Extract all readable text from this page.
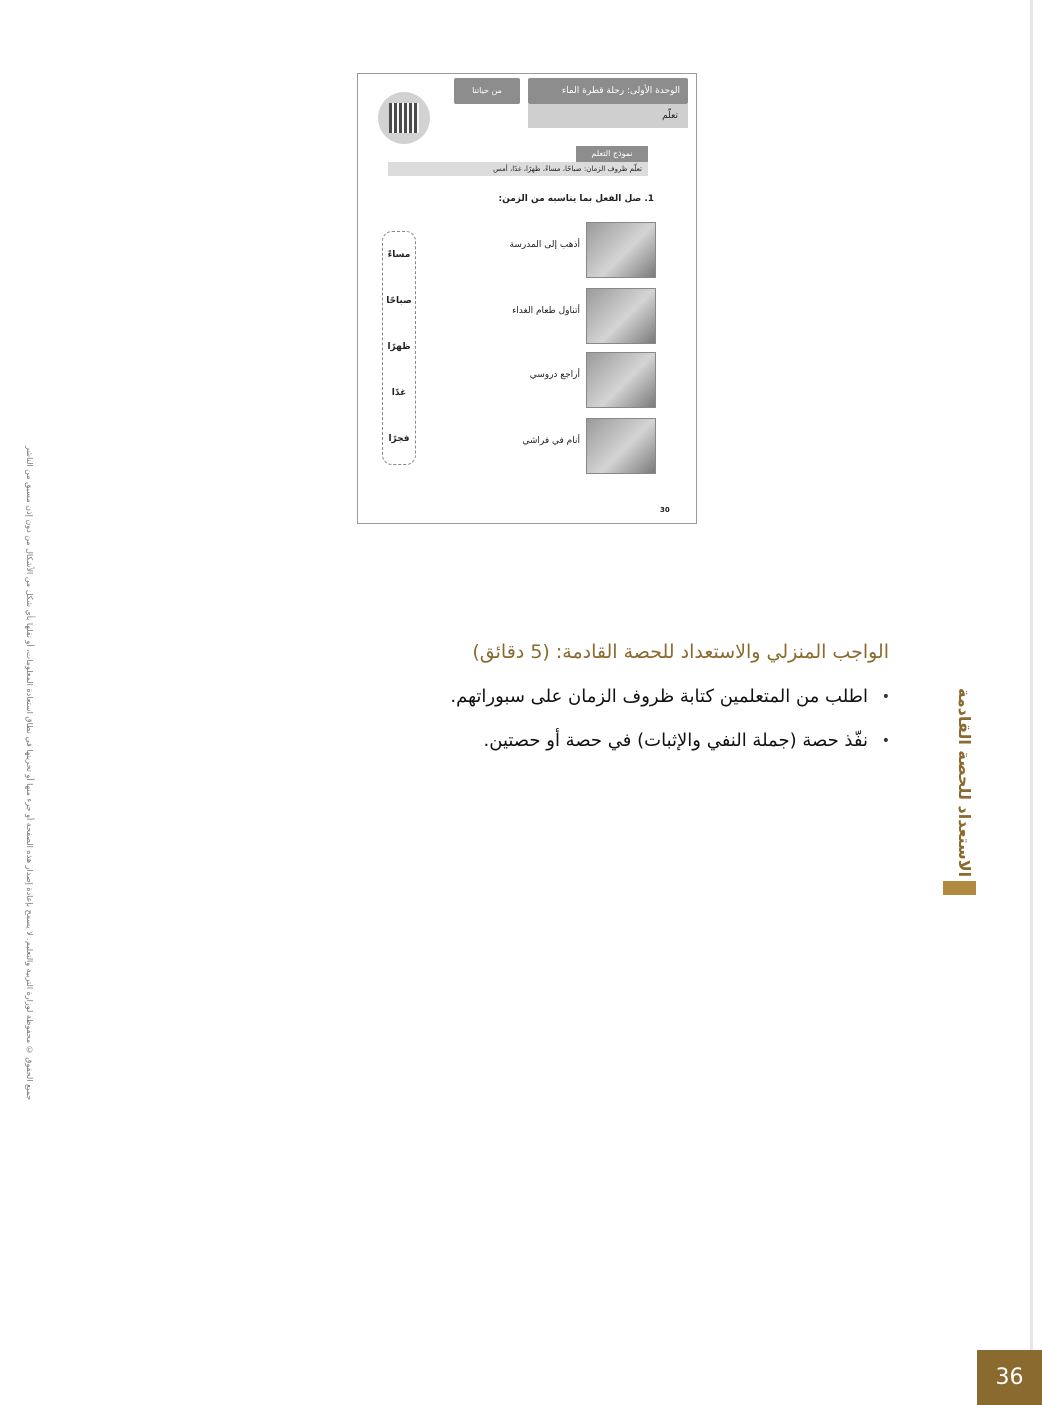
جميع الحقوق © محفوظة لوزارة التربية والتعليم. لا يسمح بإعادة إصدار هذه الصفحة أو جزء منها أو تخزينها في نطاق استعادة المعلومات، أو نقلها بأي شكل من الأشكال من دون إذن مسبق من الناشر
الوحدة الأولى: رحلة قطرة الماء
من حياتنا
تعلّم
نموذج التعلم
تعلّم ظروف الزمان: صباحًا، مساءً، ظهرًا، غدًا، أمس
1. صل الفعل بما يناسبه من الزمن:
أذهب إلى المدرسة
أتناول طعام الغداء
أراجع دروسي
أنام في فراشي
مساءً
صباحًا
ظهرًا
غدًا
فجرًا
30
الواجب المنزلي والاستعداد للحصة القادمة: (5 دقائق)
• اطلب من المتعلمين كتابة ظروف الزمان على سبوراتهم.
• نفّذ حصة (جملة النفي والإثبات) في حصة أو حصتين.	الاستعداد للحصة القادمة
36
